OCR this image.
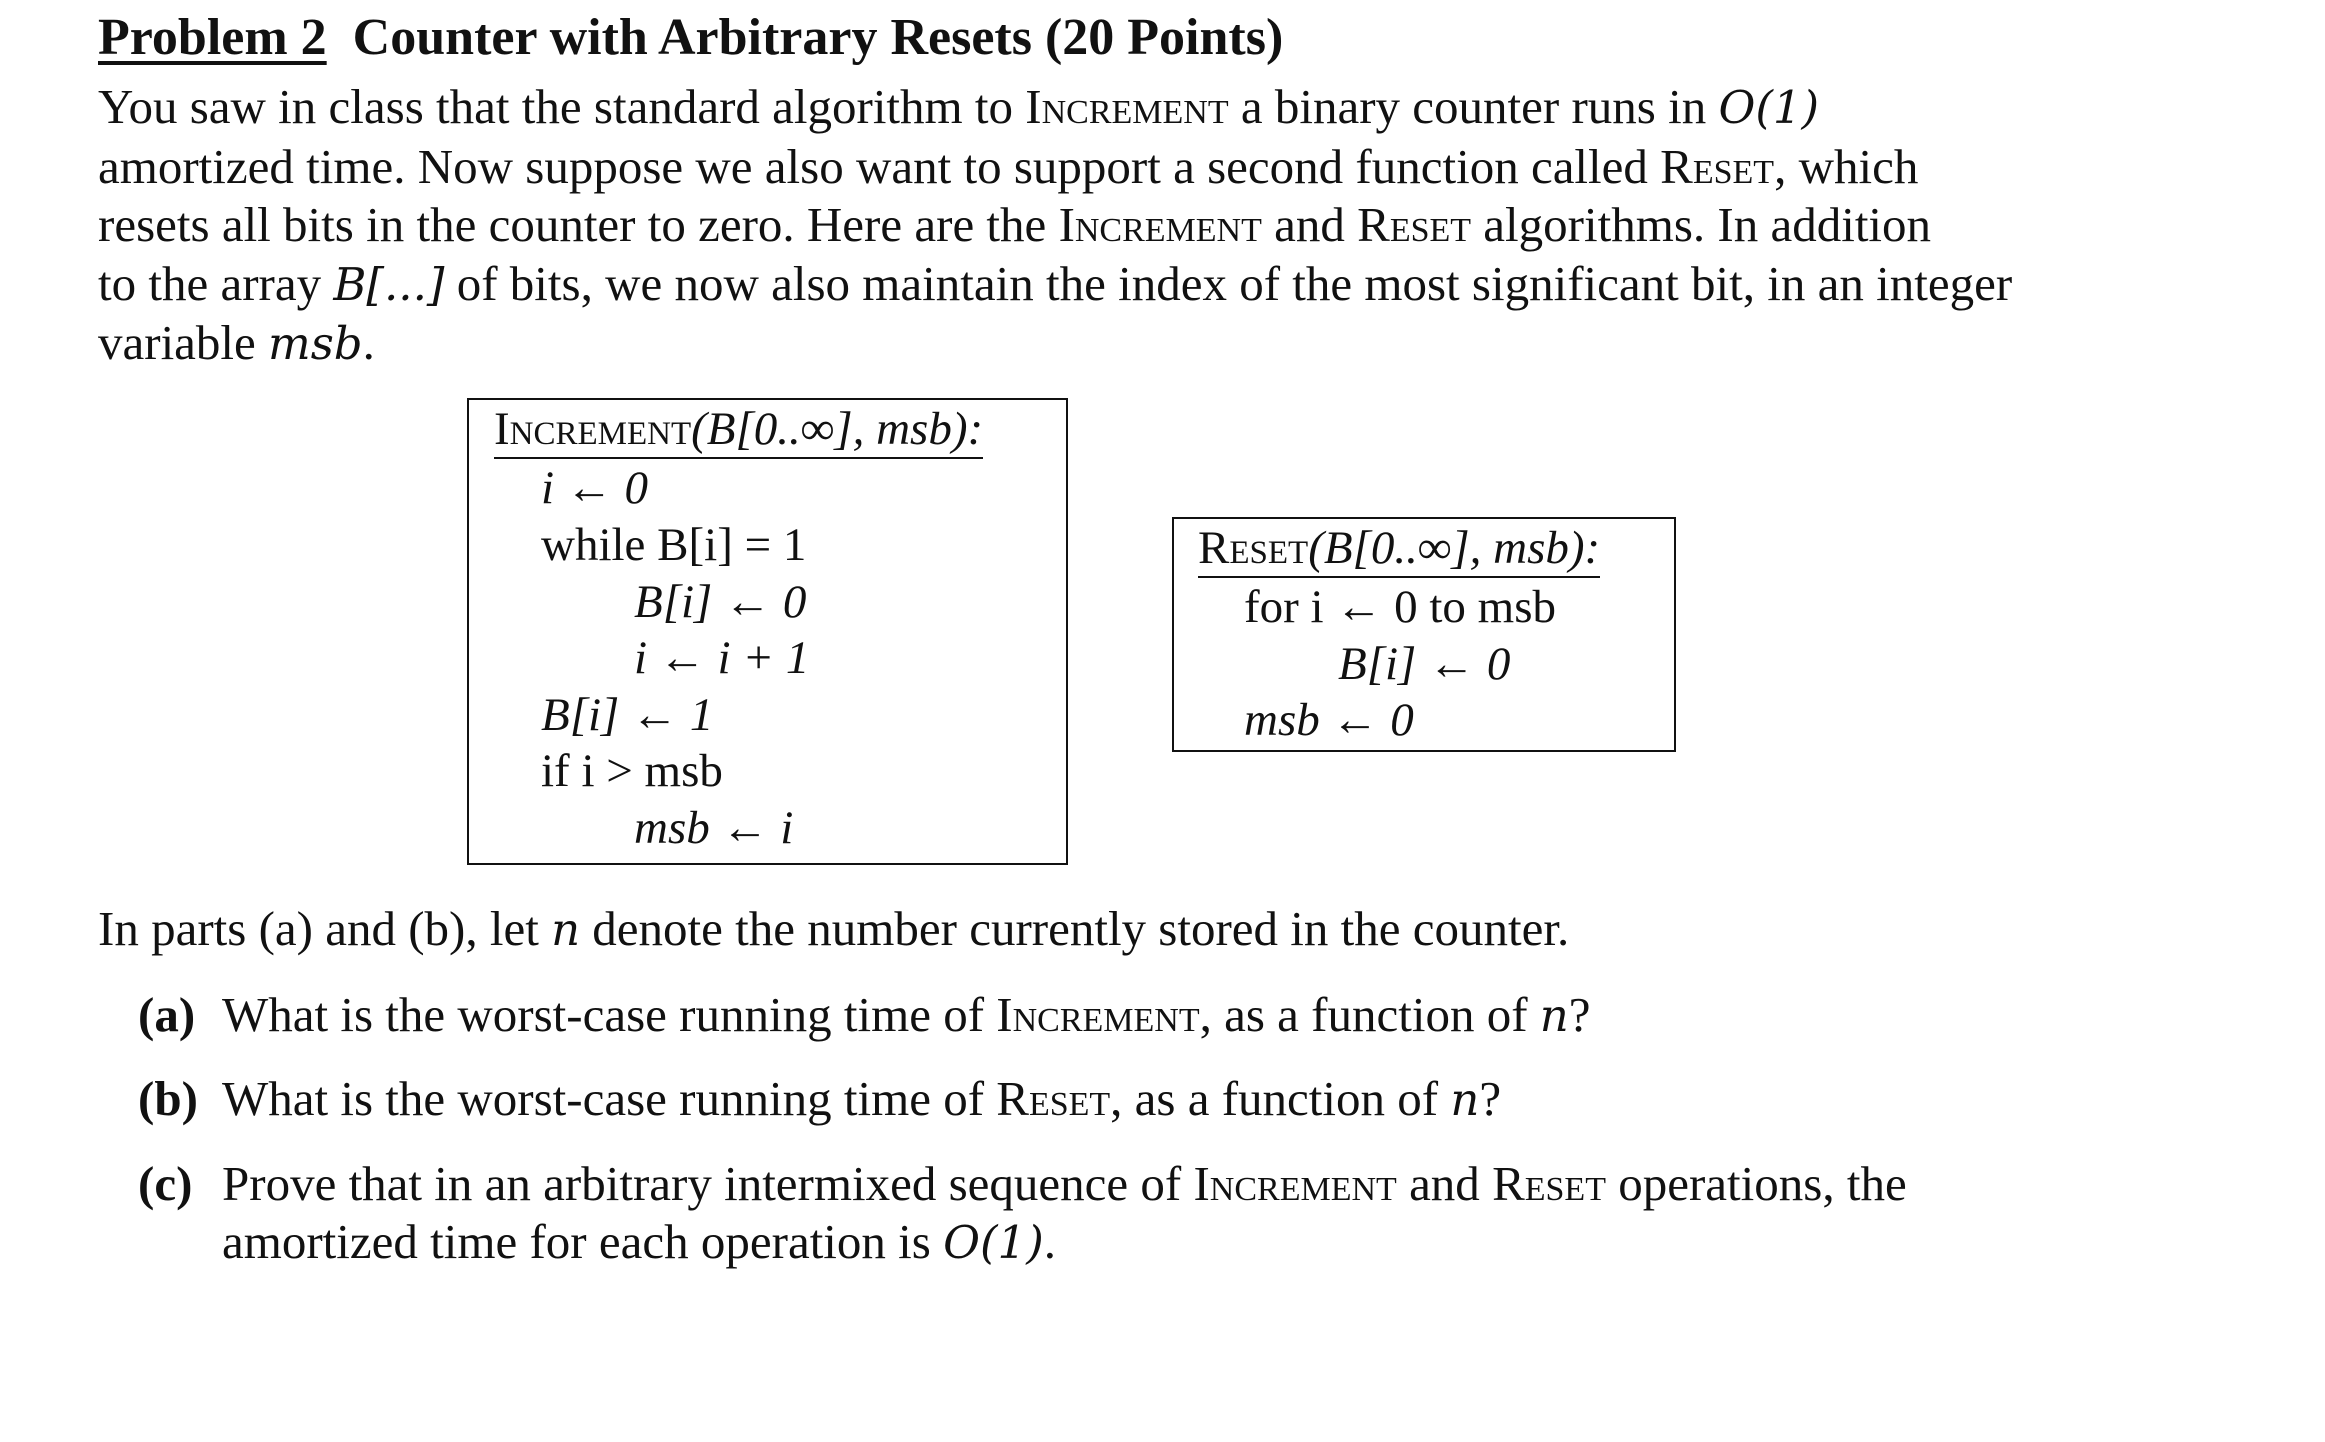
Problem 2 Counter with Arbitrary Resets (20 Points)
You saw in class that the standard algorithm to Increment a binary counter runs in O(1)
amortized time. Now suppose we also want to support a second function called Reset, which
resets all bits in the counter to zero. Here are the Increment and Reset algorithms. In addition
to the array B[...] of bits, we now also maintain the index of the most significant bit, in an integer
variable msb.
Increment(B[0..∞], msb):
i ← 0
while B[i] = 1
B[i] ← 0
i ← i + 1
B[i] ← 1
if i > msb
msb ← i
Reset(B[0..∞], msb):
for i ← 0 to msb
B[i] ← 0
msb ← 0
In parts (a) and (b), let n denote the number currently stored in the counter.
(a) What is the worst-case running time of Increment, as a function of n?
(b) What is the worst-case running time of Reset, as a function of n?
(c) Prove that in an arbitrary intermixed sequence of Increment and Reset operations, the
amortized time for each operation is O(1).
